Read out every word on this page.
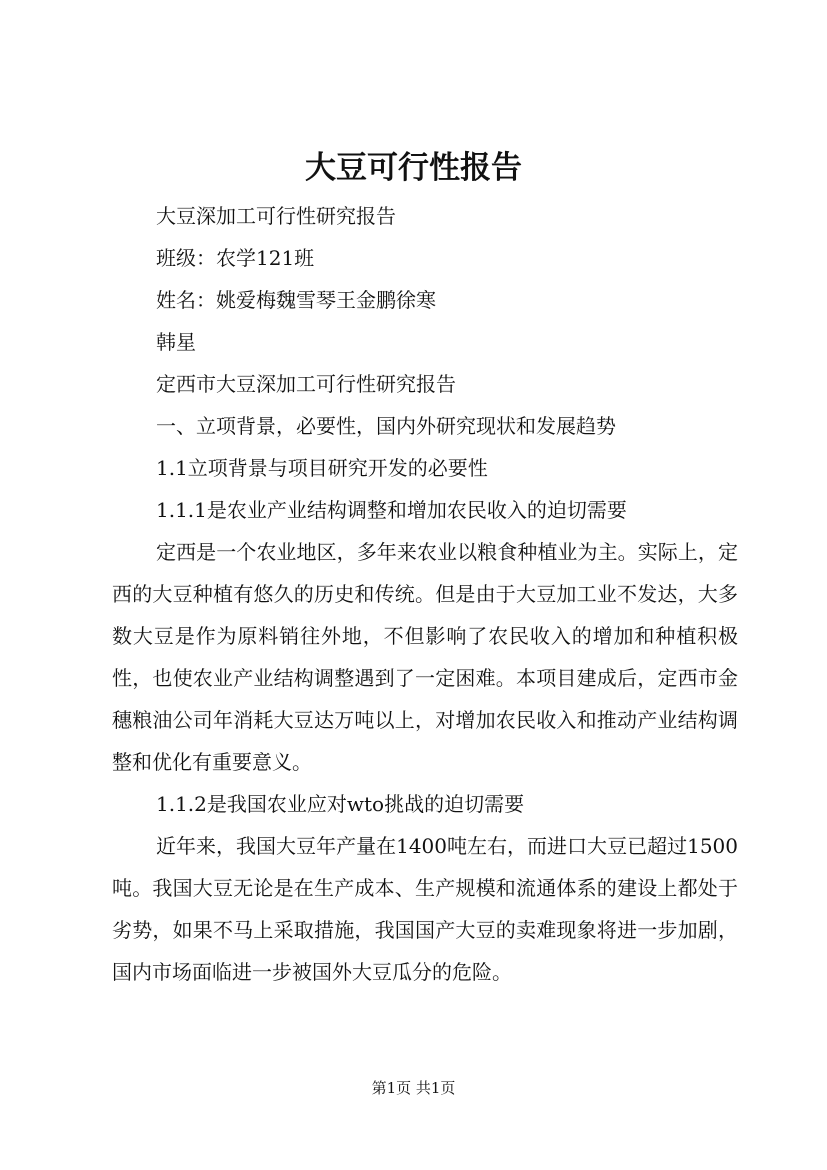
大豆可行性报告

大豆深加工可行性研究报告

班级：农学121班

姓名：姚爱梅魏雪琴王金鹏徐寒

韩星

定西市大豆深加工可行性研究报告

一、立项背景，必要性，国内外研究现状和发展趋势

1.1立项背景与项目研究开发的必要性

1.1.1是农业产业结构调整和增加农民收入的迫切需要

定西是一个农业地区，多年来农业以粮食种植业为主。实际上，定西的大豆种植有悠久的历史和传统。但是由于大豆加工业不发达，大多数大豆是作为原料销往外地，不但影响了农民收入的增加和种植积极性，也使农业产业结构调整遇到了一定困难。本项目建成后，定西市金穗粮油公司年消耗大豆达万吨以上，对增加农民收入和推动产业结构调整和优化有重要意义。

1.1.2是我国农业应对wto挑战的迫切需要

近年来，我国大豆年产量在1400吨左右，而进口大豆已超过1500吨。我国大豆无论是在生产成本、生产规模和流通体系的建设上都处于劣势，如果不马上采取措施，我国国产大豆的卖难现象将进一步加剧，国内市场面临进一步被国外大豆瓜分的危险。

第1页 共1页
